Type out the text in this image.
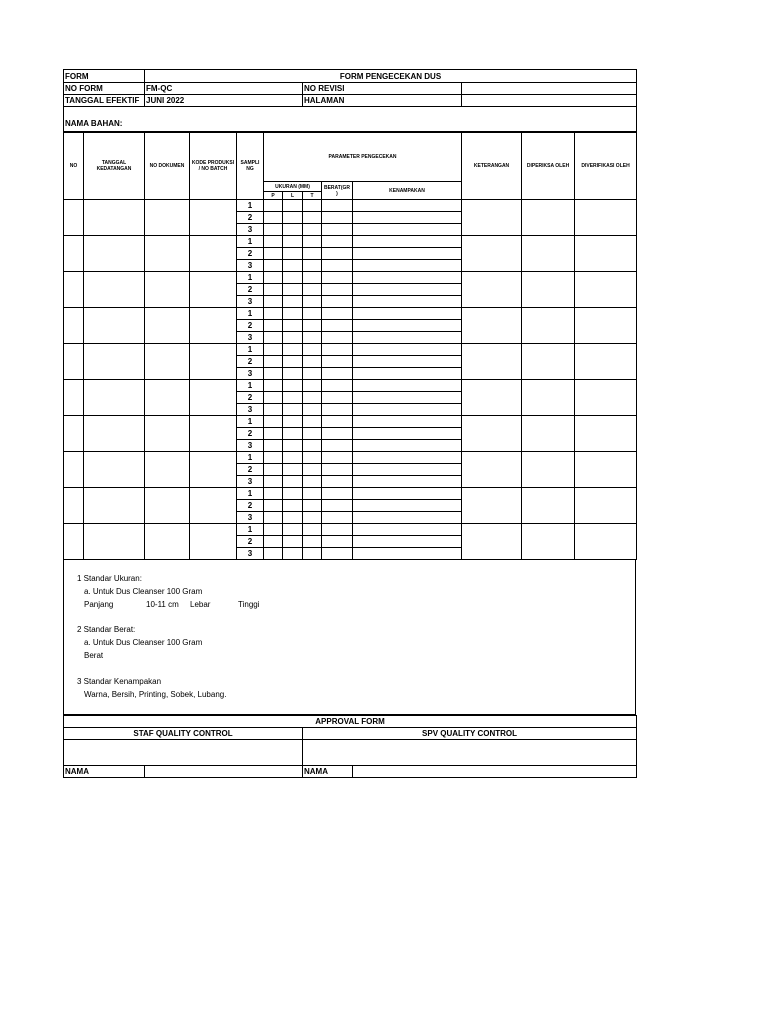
FORM	FORM PENGECEKAN DUS		
NO FORM	FM-QC	NO REVISI	
TANGGAL EFEKTIF	JUNI 2022	HALAMAN	
NAMA BAHAN:			
NO	TANGGAL KEDATANGAN	NO DOKUMEN	KODE PRODUKSI / NO BATCH	SAMPLI NG	PARAMETER PENGECEKAN					KETERANGAN	DIPERIKSA OLEH	DIVERIFIKASI OLEH
					UKURAN (MM)			BERAT(GR )	KENAMPAKAN			
					P	L	T					
				1								
				2								
				3								
				1								
				2								
				3								
				1								
				2								
				3								
				1								
				2								
				3								
				1								
				2								
				3								
				1								
				2								
				3								
				1								
				2								
				3								
				1								
				2								
				3								
				1								
				2								
				3								
				1								
				2								
				3								
1 Standar Ukuran:
a. Untuk Dus Cleanser 100 Gram
Panjang	10-11 cm Lebar	Tinggi
2 Standar Berat:
a. Untuk Dus Cleanser 100 Gram
Berat
3 Standar Kenampakan
Warna, Bersih, Printing, Sobek, Lubang.
APPROVAL FORM			
STAF QUALITY CONTROL		SPV QUALITY CONTROL	

NAMA		NAMA	
